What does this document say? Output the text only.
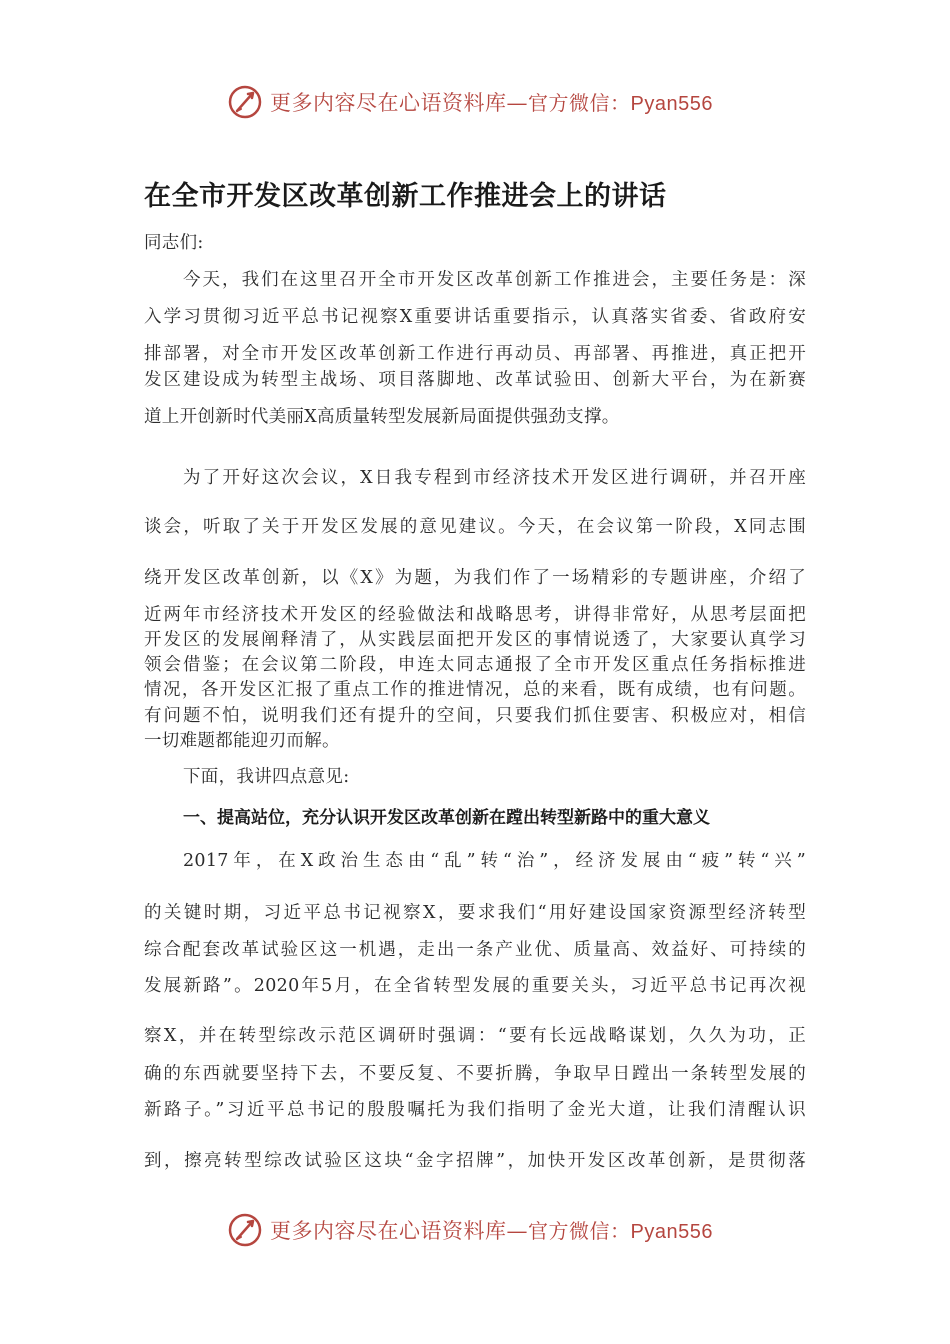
更多内容尽在心语资料库—官方微信：Pyan556
在全市开发区改革创新工作推进会上的讲话

同志们:

今天，我们在这里召开全市开发区改革创新工作推进会，主要任务是：深

入学习贯彻习近平总书记视察X重要讲话重要指示，认真落实省委、省政府安

排部署，对全市开发区改革创新工作进行再动员、再部署、再推进，真正把开

发区建设成为转型主战场、项目落脚地、改革试验田、创新大平台，为在新赛

道上开创新时代美丽X高质量转型发展新局面提供强劲支撑。

为了开好这次会议，X日我专程到市经济技术开发区进行调研，并召开座

谈会，听取了关于开发区发展的意见建议。今天，在会议第一阶段，X同志围

绕开发区改革创新，以《X》为题，为我们作了一场精彩的专题讲座，介绍了

近两年市经济技术开发区的经验做法和战略思考，讲得非常好，从思考层面把

开发区的发展阐释清了，从实践层面把开发区的事情说透了，大家要认真学习

领会借鉴；在会议第二阶段，申连太同志通报了全市开发区重点任务指标推进

情况，各开发区汇报了重点工作的推进情况，总的来看，既有成绩，也有问题。

有问题不怕，说明我们还有提升的空间，只要我们抓住要害、积极应对，相信

一切难题都能迎刃而解。

下面，我讲四点意见:

一、提高站位，充分认识开发区改革创新在蹚出转型新路中的重大意义

2017年，在X政治生态由“乱”转“治”，经济发展由“疲”转“兴”

的关键时期，习近平总书记视察X，要求我们“用好建设国家资源型经济转型

综合配套改革试验区这一机遇，走出一条产业优、质量高、效益好、可持续的

发展新路”。2020年5月，在全省转型发展的重要关头，习近平总书记再次视

察X，并在转型综改示范区调研时强调：“要有长远战略谋划，久久为功，正

确的东西就要坚持下去，不要反复、不要折腾，争取早日蹚出一条转型发展的

新路子。”习近平总书记的殷殷嘱托为我们指明了金光大道，让我们清醒认识

到，擦亮转型综改试验区这块“金字招牌”，加快开发区改革创新，是贯彻落

更多内容尽在心语资料库—官方微信：Pyan556
